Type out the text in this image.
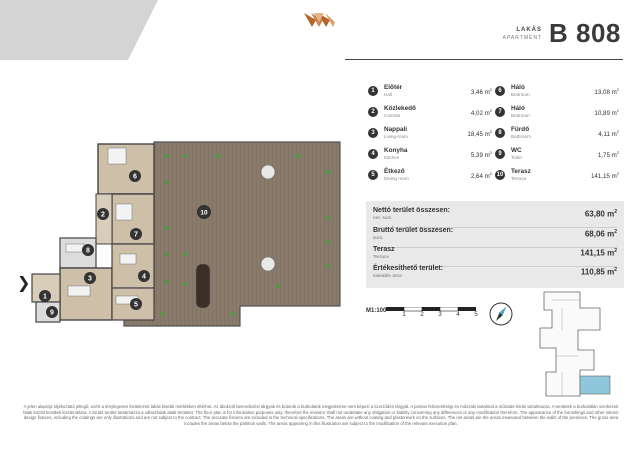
LAKÁS
APARTMENT B 808
1	Előtér
Hall	3,46 $m^2$
2	Közlekedő
Corridor	4,02 $m^2$
3	Nappali
Living-room	18,45 $m^2$
4	Konyha
Kitchen	5,39 $m^2$
5	Étkező
Dining room	2,64 $m^2$
6	Háló
Bedroom	13,08 $m^2$
7	Háló
Bedroom	10,89 $m^2$
8	Fürdő
Bathroom	4,11 $m^2$
9	WC
Toilet	1,75 $m^2$
10 Terasz
Terrace	141,15 $m^2$
Nettó terület összesen:
net. sum.	63,80 $m^2$
Bruttó terület összesen:
sum.	68,06 $m^2$
Terasz
Terrace	141,15 $m^2$
Értékesíthető terület:
saleable area	110,85 $m^2$
1
2
3	4
5
6
7
8
9
10
❯
M1:100
1	2	3	4	5
A jelen alaprajz tájékoztató jellegű, ezért a ténylegesen kivitelezett lakás kisebb mértékben eltérhet. Az ábrázolt berendezési tárgyak és bútorok a burkolatok megjelenése nem képezi a szerződés tárgyát. A pontos felszereltségi és műszaki tartalmat a műszaki leírás tartalmazza. A területek a burkolatlan szerkezeti falak között kerültek kiszámításra. A bruttó terület tartalmazza a válaszfalak alatti területet. The floor plan is for information purposes only, therefore the investor shall not undertake any obligation or liability concerning any differences or any modification therefore. The appearance of the furnishings and other interior design fixtures, including the coatings are only illustrations and are not subject to the contract. The accurate fixtures are included in the technical specifications. The areas are without coating and plasterwork on the surfaces. The net areas are the areas measured between the walls of the premises. The gross area includes the areas below the partition walls. The areas appearing in this illustration are subject to the modification of the relevant execution plan.
